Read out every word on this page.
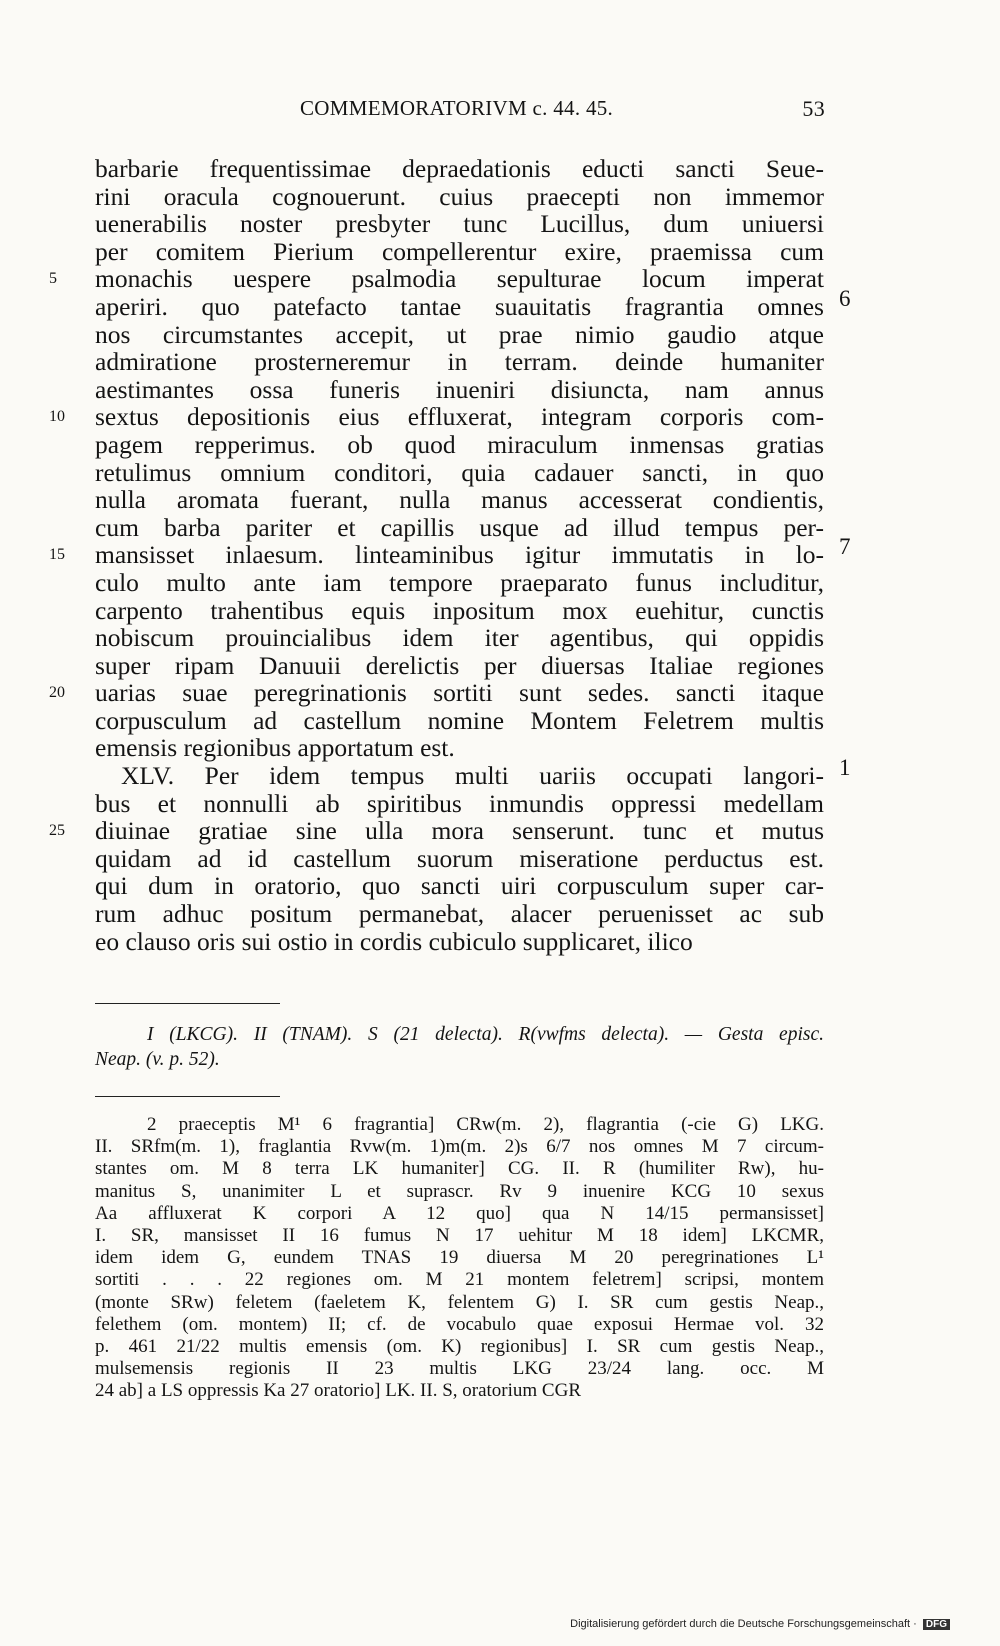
COMMEMORATORIVM c. 44. 45.	53
barbarie frequentissimae depraedationis educti sancti Seue-
rini oracula cognouerunt. cuius praecepti non immemor
uenerabilis noster presbyter tunc Lucillus, dum uniuersi
per comitem Pierium compellerentur exire, praemissa cum
5	monachis uespere psalmodia sepulturae locum imperat
aperiri. quo patefacto tantae suauitatis fragrantia omnes 6
nos circumstantes accepit, ut prae nimio gaudio atque
admiratione prosterneremur in terram. deinde humaniter
aestimantes ossa funeris inueniri disiuncta, nam annus
10	sextus depositionis eius effluxerat, integram corporis com-
pagem repperimus. ob quod miraculum inmensas gratias
retulimus omnium conditori, quia cadauer sancti, in quo
nulla aromata fuerant, nulla manus accesserat condientis,
cum barba pariter et capillis usque ad illud tempus per-
15	mansisset inlaesum. linteaminibus igitur immutatis in lo- 7
culo multo ante iam tempore praeparato funus includitur,
carpento trahentibus equis inpositum mox euehitur, cunctis
nobiscum prouincialibus idem iter agentibus, qui oppidis
super ripam Danuuii derelictis per diuersas Italiae regiones
20	uarias suae peregrinationis sortiti sunt sedes. sancti itaque
corpusculum ad castellum nomine Montem Feletrem multis
emensis regionibus apportatum est.
XLV. Per idem tempus multi uariis occupati langori- 1
bus et nonnulli ab spiritibus inmundis oppressi medellam
25	diuinae gratiae sine ulla mora senserunt. tunc et mutus
quidam ad id castellum suorum miseratione perductus est.
qui dum in oratorio, quo sancti uiri corpusculum super car-
rum adhuc positum permanebat, alacer peruenisset ac sub
eo clauso oris sui ostio in cordis cubiculo supplicaret, ilico
I (LKCG). II (TNAM). S (21 delecta). R(vwfms delecta). — Gesta episc.
Neap. (v. p. 52).
2 praeceptis M¹ 6 fragrantia] CRw(m. 2), flagrantia (-cie G) LKG.
II. SRfm(m. 1), fraglantia Rvw(m. 1)m(m. 2)s 6/7 nos omnes M 7 circum-
stantes om. M 8 terra LK humaniter] CG. II. R (humiliter Rw), hu-
manitus S, unanimiter L et suprascr. Rv 9 inuenire KCG 10 sexus
Aa affluxerat K corpori A 12 quo] qua N 14/15 permansisset]
I. SR, mansisset II 16 fumus N 17 uehitur M 18 idem] LKCMR,
idem idem G, eundem TNAS 19 diuersa M 20 peregrinationes L¹
sortiti . . . 22 regiones om. M 21 montem feletrem] scripsi, montem
(monte SRw) feletem (faeletem K, felentem G) I. SR cum gestis Neap.,
felethem (om. montem) II; cf. de vocabulo quae exposui Hermae vol. 32
p. 461 21/22 multis emensis (om. K) regionibus] I. SR cum gestis Neap.,
mulsemensis regionis II 23 multis LKG 23/24 lang. occ. M
24 ab] a LS oppressis Ka 27 oratorio] LK. II. S, oratorium CGR
Digitalisierung gefördert durch die Deutsche Forschungsgemeinschaft · DFG
